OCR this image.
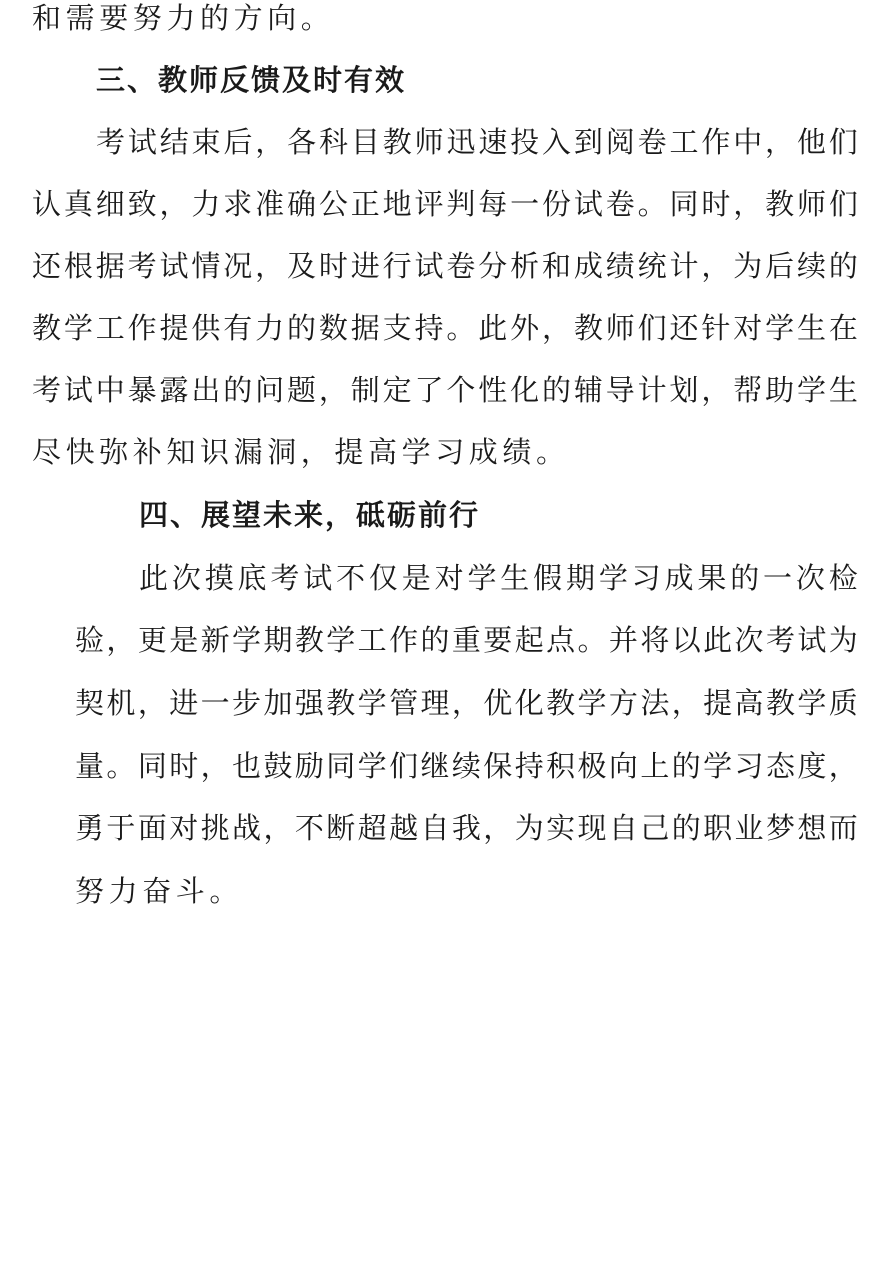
和需要努力的方向。
三、教师反馈及时有效
考 试 结 束 后 ， 各 科 目 教 师 迅 速 投 入 到 阅 卷 工 作 中 ， 他 们
认 真 细 致 ， 力 求 准 确 公 正 地 评 判 每 一 份 试 卷 。 同 时 ， 教 师 们
还 根 据 考 试 情 况 ， 及 时 进 行 试 卷 分 析 和 成 绩 统 计 ， 为 后 续 的
教 学 工 作 提 供 有 力 的 数 据 支 持 。 此 外 ， 教 师 们 还 针 对 学 生 在
考 试 中 暴 露 出 的 问 题 ， 制 定 了 个 性 化 的 辅 导 计 划 ， 帮 助 学 生
尽快弥补知识漏洞，提高学习成绩。
四、展望未来，砥砺前行
此 次 摸 底 考 试 不 仅 是 对 学 生 假 期 学 习 成 果 的 一 次 检
验 ， 更 是 新 学 期 教 学 工 作 的 重 要 起 点 。 并 将 以 此 次 考 试 为
契 机 ， 进 一 步 加 强 教 学 管 理 ， 优 化 教 学 方 法 ， 提 高 教 学 质
量 。 同 时 ， 也 鼓 励 同 学 们 继 续 保 持 积 极 向 上 的 学 习 态 度 ，
勇 于 面 对 挑 战 ， 不 断 超 越 自 我 ， 为 实 现 自 己 的 职 业 梦 想 而
努力奋斗。
